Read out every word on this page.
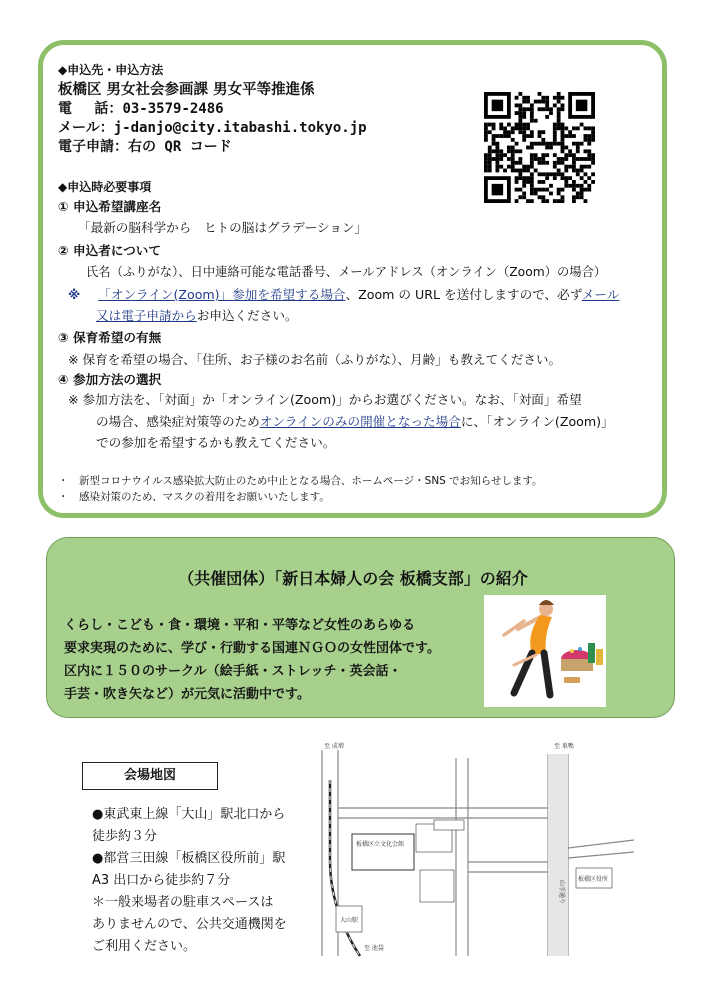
◆申込先・申込方法
板橋区 男女社会参画課 男女平等推進係
電　 話：03-3579-2486
メール：j-danjo@city.itabashi.tokyo.jp
電子申請：右の QR コード
◆申込時必要事項
① 申込希望講座名
「最新の脳科学から　ヒトの脳はグラデーション」
② 申込者について
氏名（ふりがな）、日中連絡可能な電話番号、メールアドレス（オンライン（Zoom）の場合）
※ 「オンライン(Zoom)」参加を希望する場合、Zoom の URL を送付しますので、必ずメール
又は電子申請からお申込ください。
③ 保育希望の有無
※ 保育を希望の場合、「住所、お子様のお名前（ふりがな）、月齢」も教えてください。
④ 参加方法の選択
※ 参加方法を、「対面」か「オンライン(Zoom)」からお選びください。なお、「対面」希望
の場合、感染症対策等のためオンラインのみの開催となった場合に、「オンライン(Zoom)」
での参加を希望するかも教えてください。
・　新型コロナウイルス感染拡大防止のため中止となる場合、ホームページ・SNS でお知らせします。
・　感染対策のため、マスクの着用をお願いいたします。
（共催団体）「新日本婦人の会 板橋支部」の紹介
くらし・こども・食・環境・平和・平等など女性のあらゆる
要求実現のために、学び・行動する国連ＮＧＯの女性団体です。
区内に１５０のサークル（絵手紙・ストレッチ・英会話・
手芸・吹き矢など）が元気に活動中です。
会場地図
●東武東上線「大山」駅北口から
徒歩約３分
●都営三田線「板橋区役所前」駅
A3 出口から徒歩約７分
＊一般来場者の駐車スペースは
ありませんので、公共交通機関を
ご利用ください。
至 成増	至 巣鴨
板橋区立文化会館
板橋区役所
至 池袋
大山駅
山手通り
